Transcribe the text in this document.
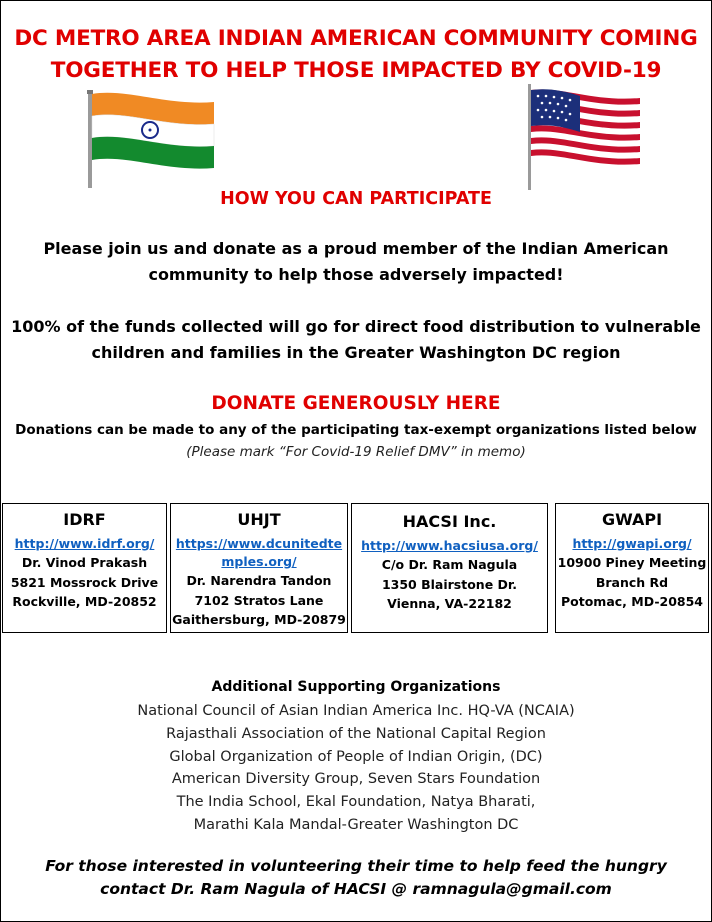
DC METRO AREA INDIAN AMERICAN COMMUNITY COMING
TOGETHER TO HELP THOSE IMPACTED BY COVID-19
HOW YOU CAN PARTICIPATE
Please join us and donate as a proud member of the Indian American
community to help those adversely impacted!
100% of the funds collected will go for direct food distribution to vulnerable
children and families in the Greater Washington DC region
DONATE GENEROUSLY HERE
Donations can be made to any of the participating tax-exempt organizations listed below
(Please mark “For Covid-19 Relief DMV” in memo)
IDRF
http://www.idrf.org/
Dr. Vinod Prakash
5821 Mossrock Drive
Rockville, MD-20852
UHJT
https://www.dcunitedte
mples.org/
Dr. Narendra Tandon
7102 Stratos Lane
Gaithersburg, MD-20879
HACSI Inc.
http://www.hacsiusa.org/
C/o Dr. Ram Nagula
1350 Blairstone Dr.
Vienna, VA-22182
GWAPI
http://gwapi.org/
10900 Piney Meeting
Branch Rd
Potomac, MD-20854
Additional Supporting Organizations
National Council of Asian Indian America Inc. HQ-VA (NCAIA)
Rajasthali Association of the National Capital Region
Global Organization of People of Indian Origin, (DC)
American Diversity Group, Seven Stars Foundation
The India School, Ekal Foundation, Natya Bharati,
Marathi Kala Mandal-Greater Washington DC
For those interested in volunteering their time to help feed the hungry
contact Dr. Ram Nagula of HACSI @ ramnagula@gmail.com
